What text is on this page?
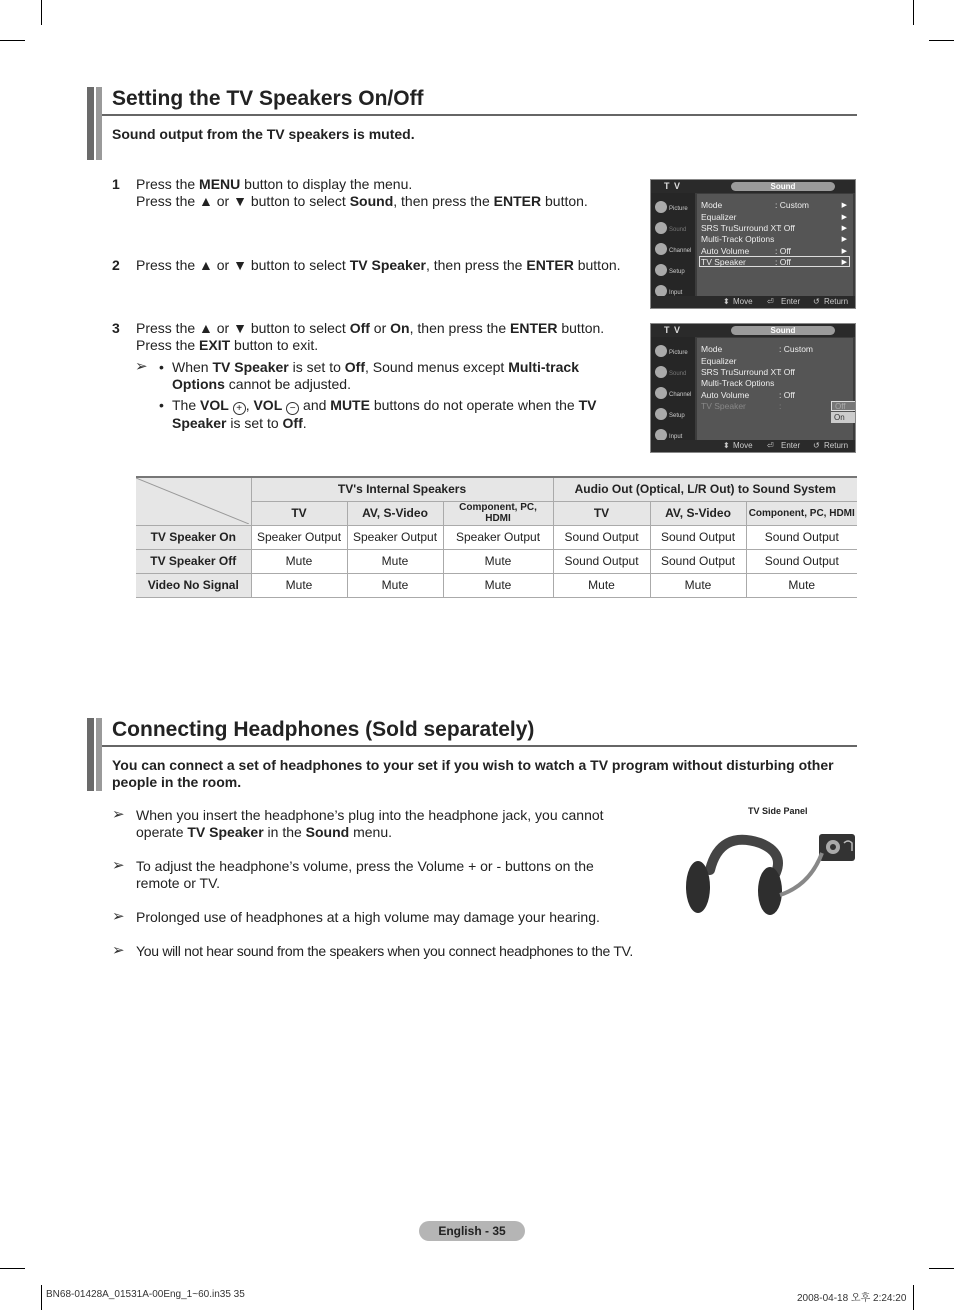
Setting the TV Speakers On/Off
Sound output from the TV speakers is muted.
1 Press the MENU button to display the menu.
Press the ▲ or ▼ button to select Sound, then press the ENTER button.
2 Press the ▲ or ▼ button to select TV Speaker, then press the ENTER button.
3 Press the ▲ or ▼ button to select Off or On, then press the ENTER button.
Press the EXIT button to exit.
➢ • When TV Speaker is set to Off, Sound menus except Multi-track Options cannot be adjusted.
• The VOL + , VOL − and MUTE buttons do not operate when the TV Speaker is set to Off.
T V	Sound
Picture
Sound
Channel
Setup
Input
Mode	: Custom	▶
Equalizer	▶
SRS TruSurround XT
: Off	▶
Multi-Track Options	▶
Auto Volume	: Off	▶
TV Speaker	: Off	▶
⬍ Move ⏎ Enter ↺ Return
T V	Sound
Picture
Sound
Channel
Setup
Input
Mode	: Custom
Equalizer
SRS TruSurround XT
: Off
Multi-Track Options
Auto Volume	: Off
TV Speaker	:	Off
On
⬍ Move ⏎ Enter ↺ Return
	TV's Internal Speakers			Audio Out (Optical, L/R Out) to Sound System		
	TV	AV, S-Video	Component, PC, HDMI	TV	AV, S-Video	Component, PC, HDMI
TV Speaker On	Speaker Output	Speaker Output	Speaker Output	Sound Output	Sound Output	Sound Output
TV Speaker Off	Mute	Mute	Mute	Sound Output	Sound Output	Sound Output
Video No Signal	Mute	Mute	Mute	Mute	Mute	Mute
Connecting Headphones (Sold separately)
You can connect a set of headphones to your set if you wish to watch a TV program without disturbing other
people in the room.
➢ When you insert the headphone’s plug into the headphone jack, you cannot operate TV Speaker in the Sound menu.
➢ To adjust the headphone’s volume, press the Volume + or - buttons on the
remote or TV.
➢ Prolonged use of headphones at a high volume may damage your hearing.
➢ You will not hear sound from the speakers when you connect headphones to the TV.
TV Side Panel
English - 35
BN68-01428A_01531A-00Eng_1~60.in35 35	2008-04-18 오후 2:24:20
